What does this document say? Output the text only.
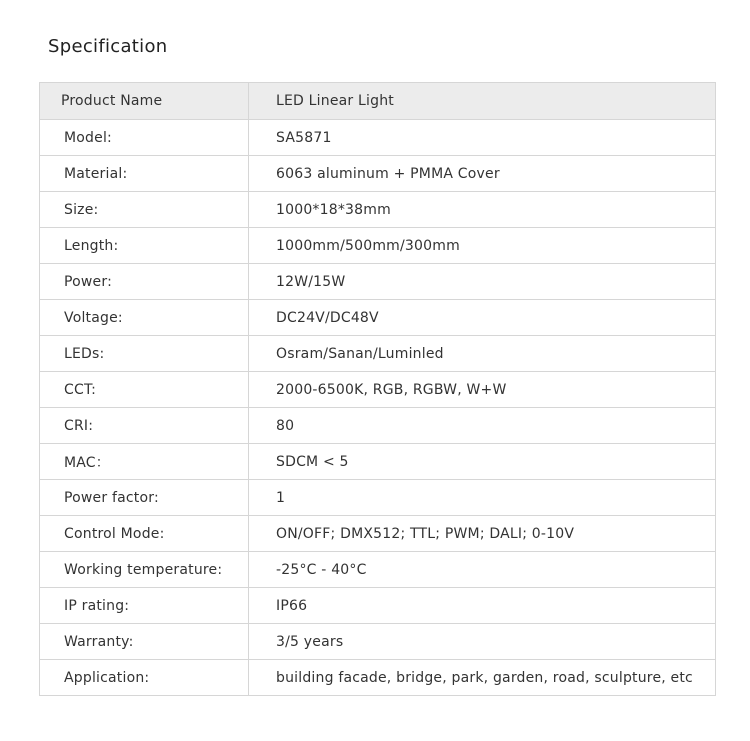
Specification
Product Name	LED Linear Light
Model:	SA5871
Material:	6063 aluminum + PMMA Cover
Size:	1000*18*38mm
Length:	1000mm/500mm/300mm
Power:	12W/15W
Voltage:	DC24V/DC48V
LEDs:	Osram/Sanan/Luminled
CCT:	2000-6500K, RGB, RGBW, W+W
CRI:	80
MAC：	SDCM < 5
Power factor:	1
Control Mode:	ON/OFF; DMX512; TTL; PWM; DALI; 0-10V
Working temperature:	-25°C - 40°C
IP rating:	IP66
Warranty:	3/5 years
Application:	building facade, bridge, park, garden, road, sculpture, etc
